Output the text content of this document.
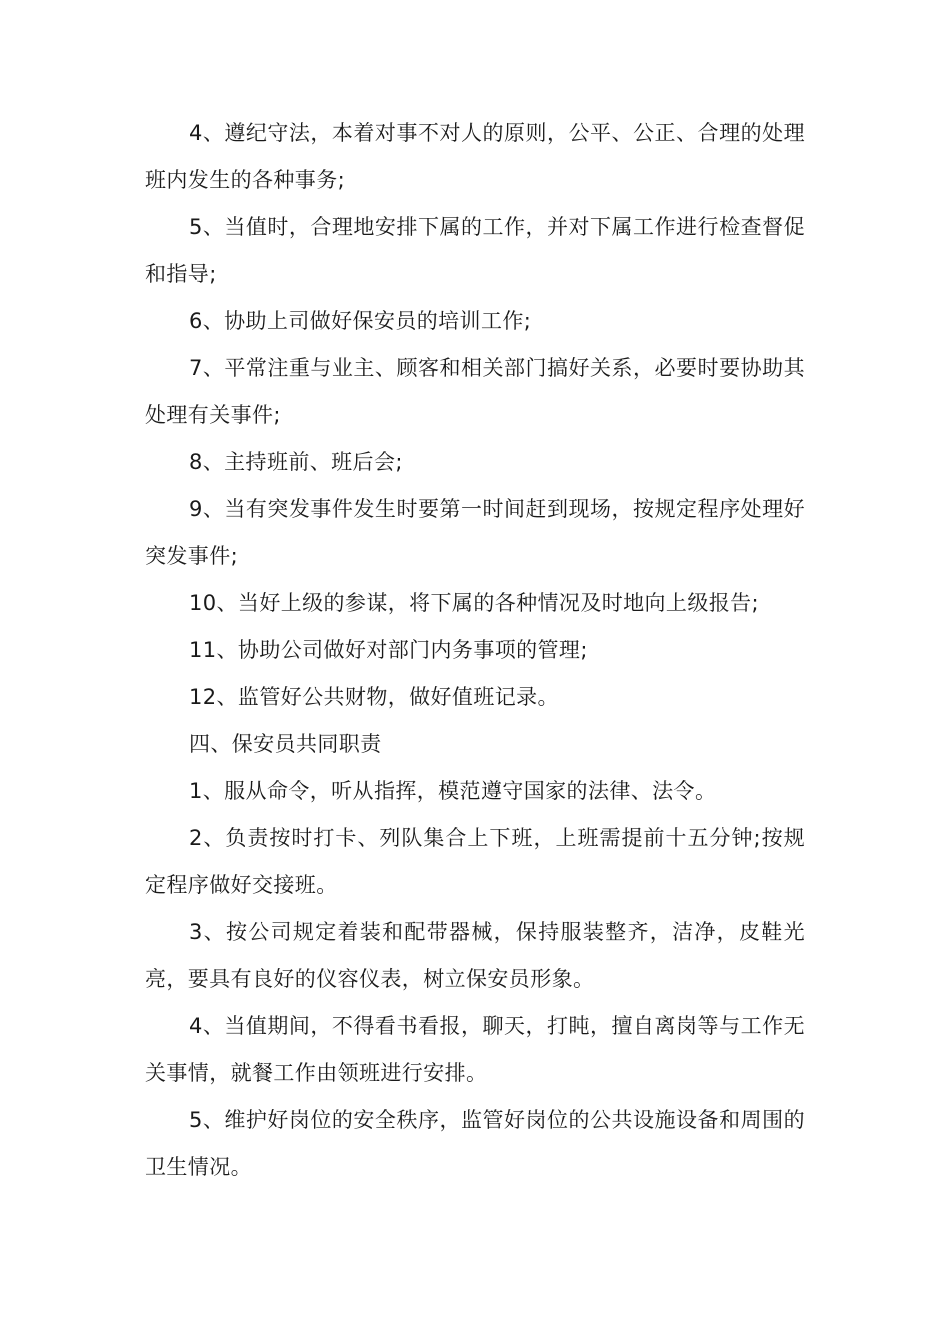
4、遵纪守法，本着对事不对人的原则，公平、公正、合理的处理班内发生的各种事务;

5、当值时，合理地安排下属的工作，并对下属工作进行检查督促和指导;

6、协助上司做好保安员的培训工作;

7、平常注重与业主、顾客和相关部门搞好关系，必要时要协助其处理有关事件;

8、主持班前、班后会;

9、当有突发事件发生时要第一时间赶到现场，按规定程序处理好突发事件;

10、当好上级的参谋，将下属的各种情况及时地向上级报告;

11、协助公司做好对部门内务事项的管理;

12、监管好公共财物，做好值班记录。

四、保安员共同职责

1、服从命令，听从指挥，模范遵守国家的法律、法令。

2、负责按时打卡、列队集合上下班，上班需提前十五分钟;按规定程序做好交接班。

3、按公司规定着装和配带器械，保持服装整齐，洁净，皮鞋光亮，要具有良好的仪容仪表，树立保安员形象。

4、当值期间，不得看书看报，聊天，打盹，擅自离岗等与工作无关事情，就餐工作由领班进行安排。

5、维护好岗位的安全秩序，监管好岗位的公共设施设备和周围的卫生情况。
